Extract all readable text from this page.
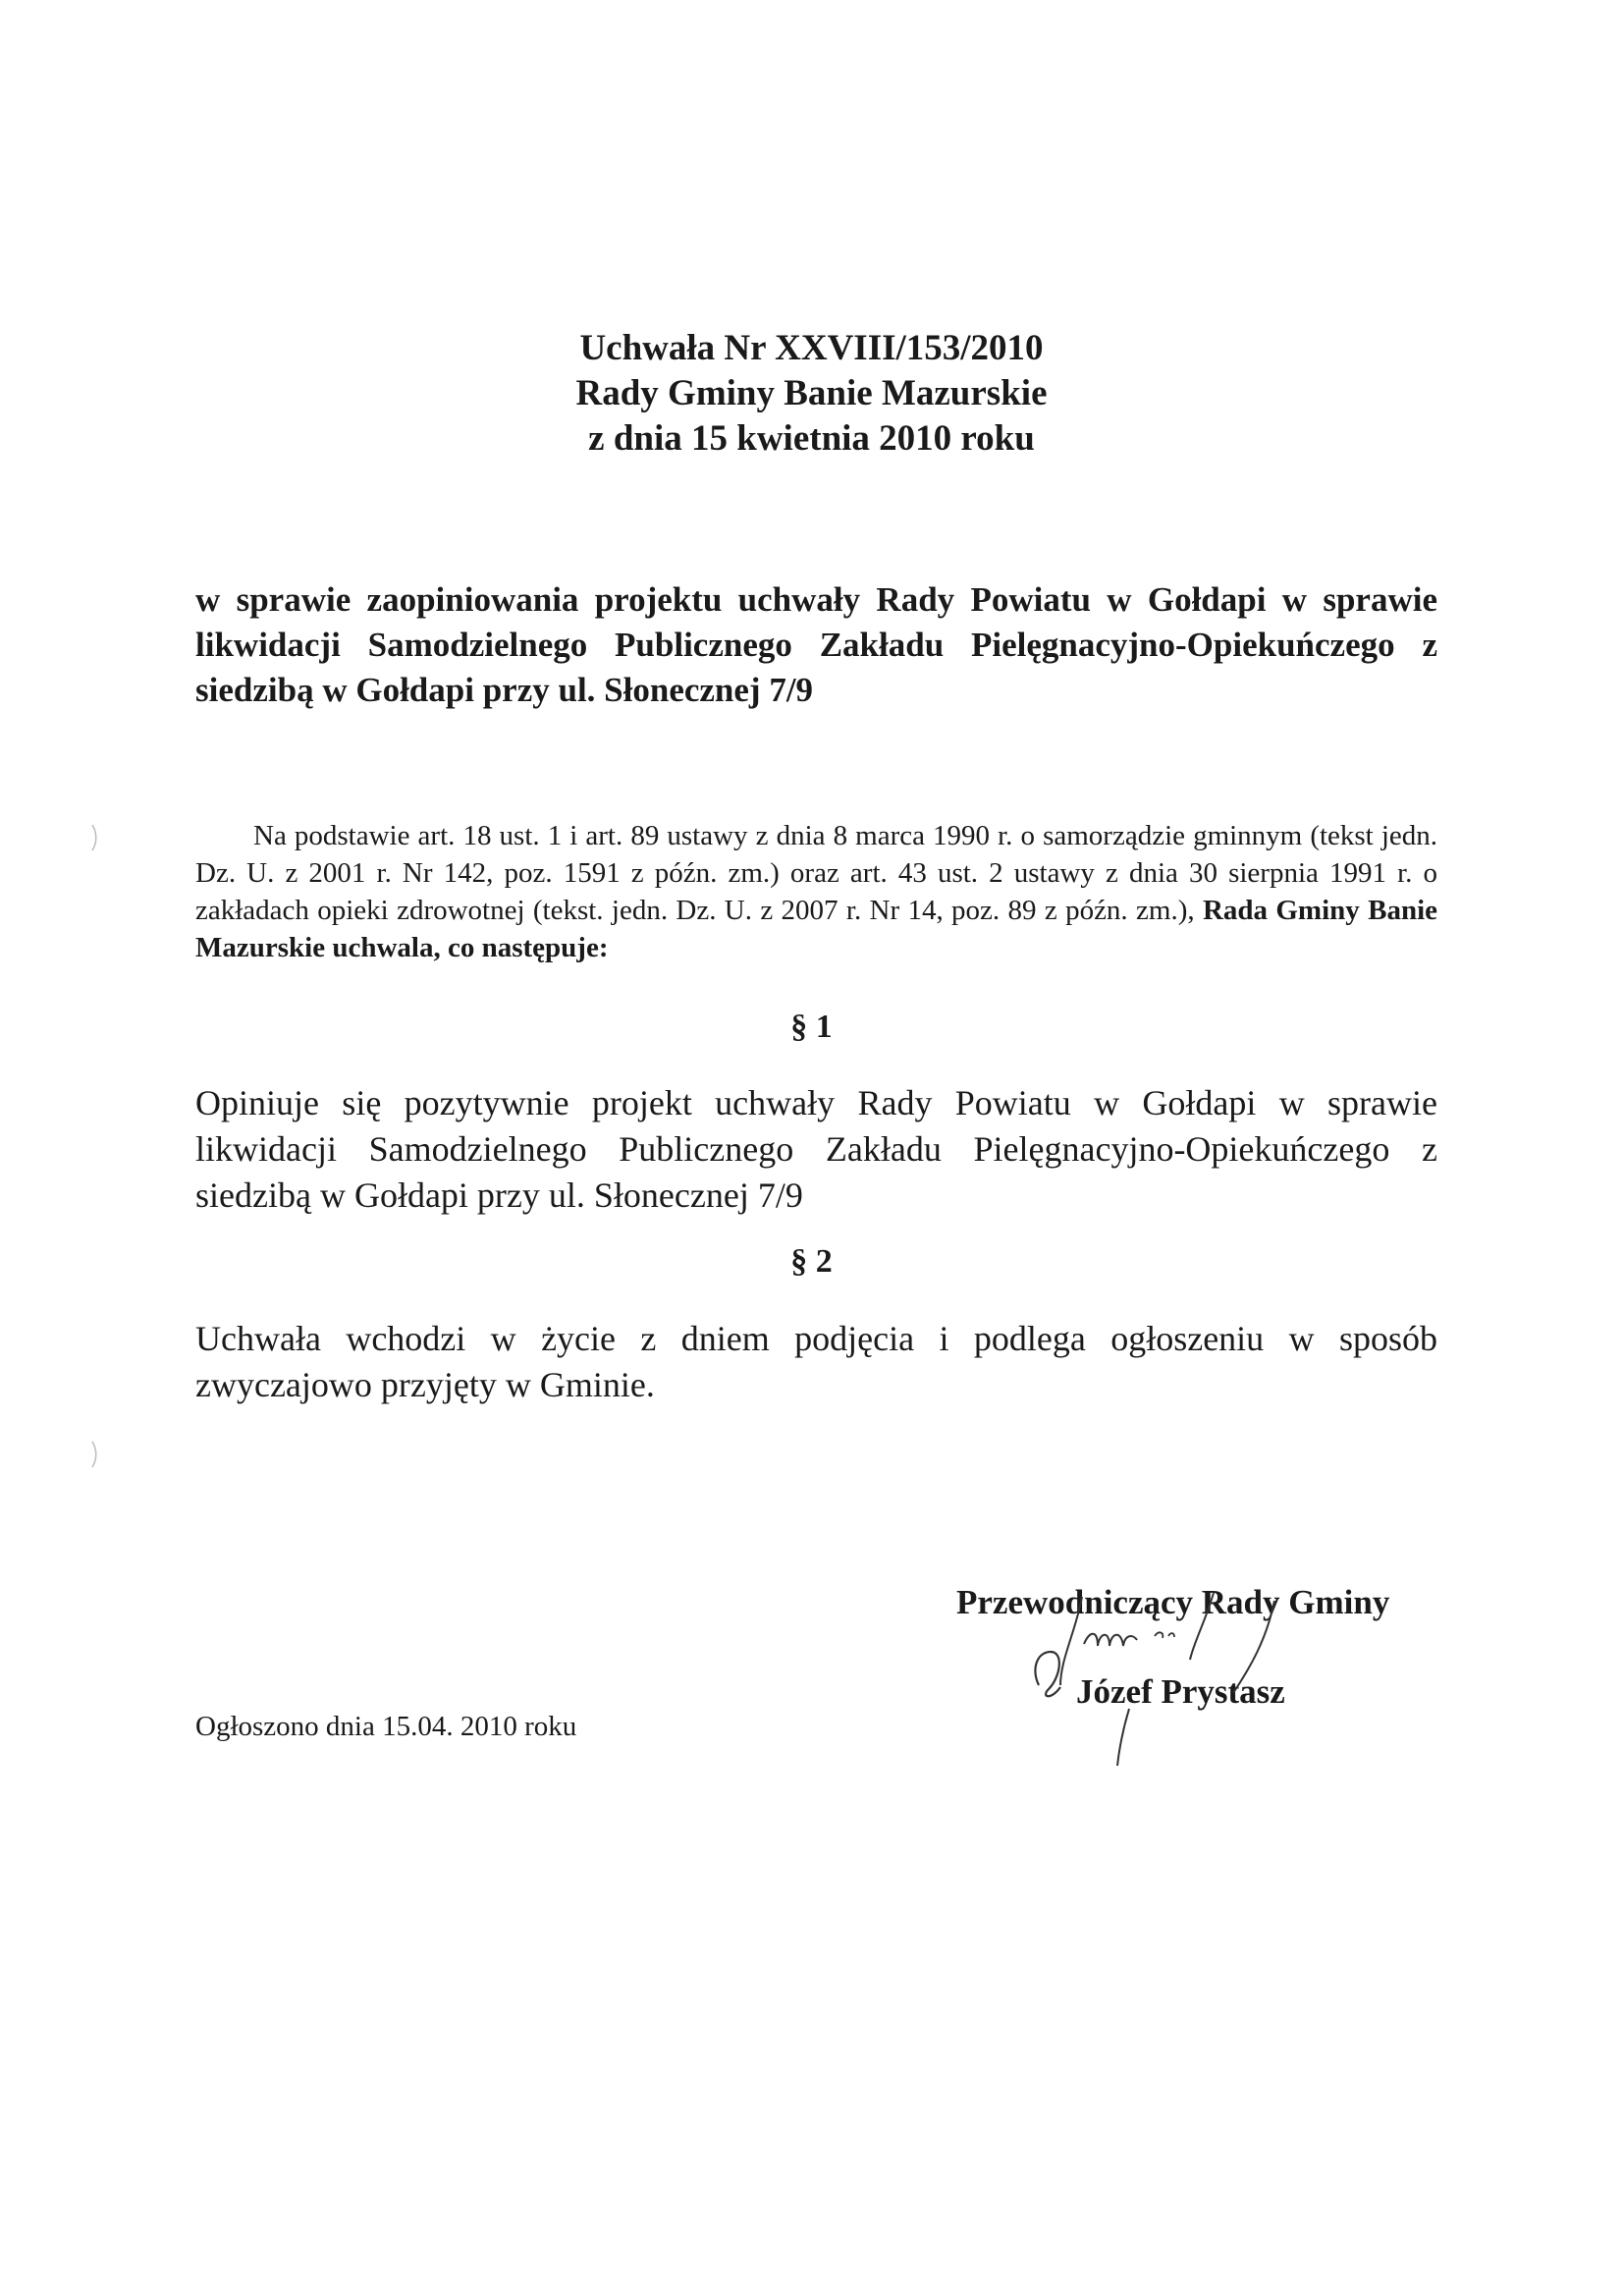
Uchwała Nr XXVIII/153/2010
Rady Gminy Banie Mazurskie
z dnia 15 kwietnia 2010 roku
w sprawie zaopiniowania projektu uchwały Rady Powiatu w Gołdapi w sprawie likwidacji Samodzielnego Publicznego Zakładu Pielęgnacyjno-Opiekuńczego z siedzibą w Gołdapi przy ul. Słonecznej 7/9
Na podstawie art. 18 ust. 1 i art. 89 ustawy z dnia 8 marca 1990 r. o samorządzie gminnym (tekst jedn. Dz. U. z 2001 r. Nr 142, poz. 1591 z późn. zm.) oraz art. 43 ust. 2 ustawy z dnia 30 sierpnia 1991 r. o zakładach opieki zdrowotnej (tekst. jedn. Dz. U. z 2007 r. Nr 14, poz. 89 z późn. zm.), Rada Gminy Banie Mazurskie uchwala, co następuje:
§ 1
Opiniuje się pozytywnie projekt uchwały Rady Powiatu w Gołdapi w sprawie likwidacji Samodzielnego Publicznego Zakładu Pielęgnacyjno-Opiekuńczego z siedzibą w Gołdapi przy ul. Słonecznej 7/9
§ 2
Uchwała wchodzi w życie z dniem podjęcia i podlega ogłoszeniu w sposób zwyczajowo przyjęty w Gminie.
Przewodniczący Rady Gminy
Józef Prystasz
Ogłoszono dnia 15.04. 2010 roku
